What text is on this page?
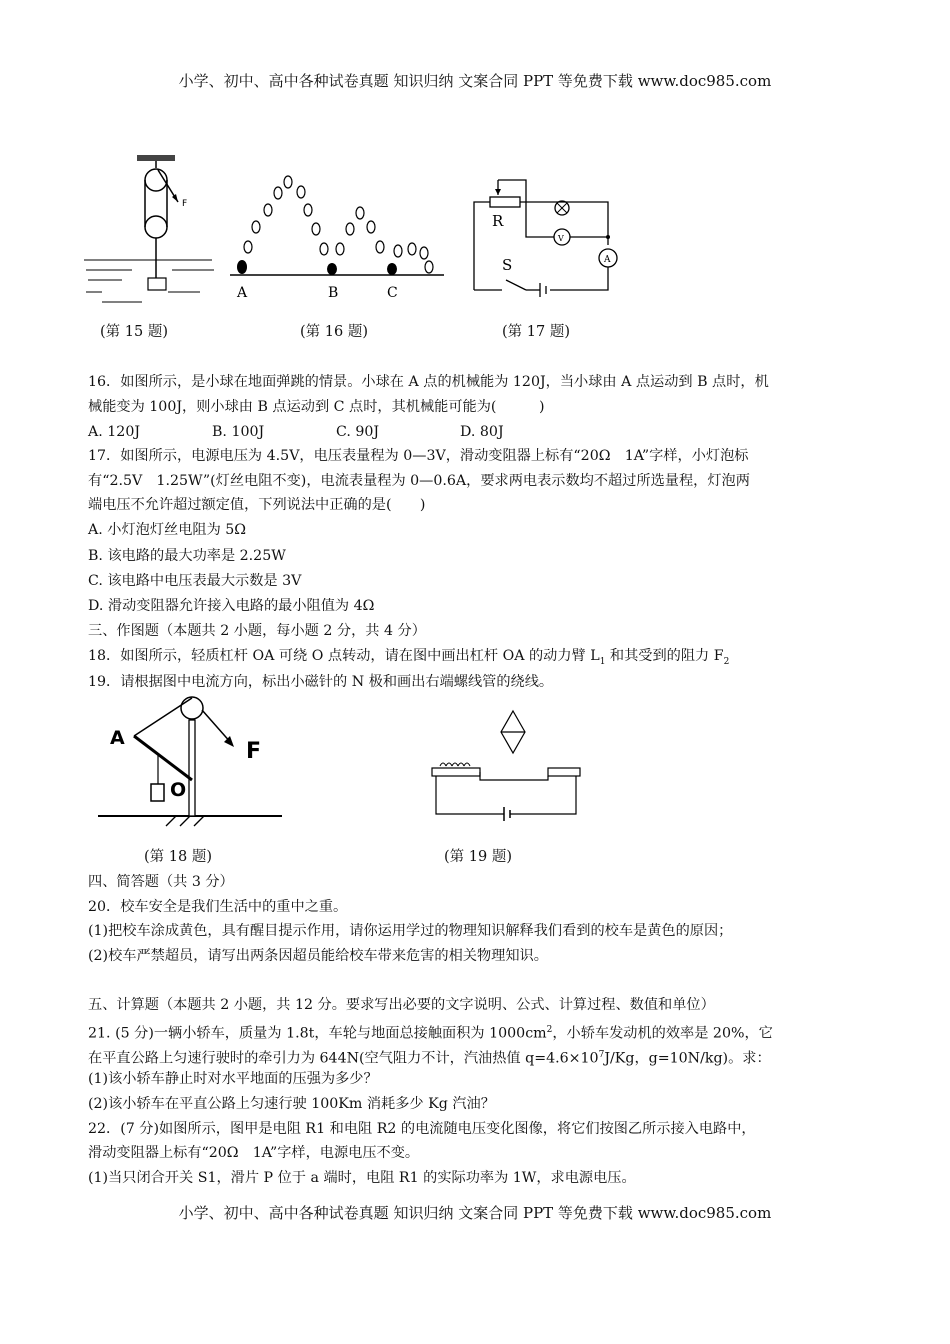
小学、初中、高中各种试卷真题 知识归纳 文案合同 PPT 等免费下载 www.doc985.com
F
(第 15 题)
A	B	C
(第 16 题)
R
S
V
A
(第 17 题)
16．如图所示，是小球在地面弹跳的情景。小球在 A 点的机械能为 120J，当小球由 A 点运动到 B 点时，机
械能变为 100J，则小球由 B 点运动到 C 点时，其机械能可能为(　　　)
A. 120J	B. 100J	C. 90J	D. 80J
17．如图所示，电源电压为 4.5V，电压表量程为 0—3V，滑动变阻器上标有“20Ω　1A”字样，小灯泡标
有“2.5V　1.25W”(灯丝电阻不变)，电流表量程为 0—0.6A，要求两电表示数均不超过所选量程，灯泡两
端电压不允许超过额定值，下列说法中正确的是(　　)
A. 小灯泡灯丝电阻为 5Ω
B. 该电路的最大功率是 2.25W
C. 该电路中电压表最大示数是 3V
D. 滑动变阻器允许接入电路的最小阻值为 4Ω
三、作图题（本题共 2 小题，每小题 2 分，共 4 分）
18．如图所示，轻质杠杆 OA 可绕 O 点转动，请在图中画出杠杆 OA 的动力臂 $L_1$ 和其受到的阻力 $F_2$
19．请根据图中电流方向，标出小磁针的 N 极和画出右端螺线管的绕线。
A
O
F
(第 18 题)	(第 19 题)
四、简答题（共 3 分）
20．校车安全是我们生活中的重中之重。
(1)把校车涂成黄色，具有醒目提示作用，请你运用学过的物理知识解释我们看到的校车是黄色的原因；
(2)校车严禁超员，请写出两条因超员能给校车带来危害的相关物理知识。
五、计算题（本题共 2 小题，共 12 分。要求写出必要的文字说明、公式、计算过程、数值和单位）
21. (5 分)一辆小轿车，质量为 1.8t，车轮与地面总接触面积为 $1000cm^2$，小轿车发动机的效率是 20%，它
在平直公路上匀速行驶时的牵引力为 644N(空气阻力不计，汽油热值 $q=4.6\times 10^7J/Kg$，g=10N/kg)。求：
(1)该小轿车静止时对水平地面的压强为多少？
(2)该小轿车在平直公路上匀速行驶 100Km 消耗多少 Kg 汽油？
22．(7 分)如图所示，图甲是电阻 R1 和电阻 R2 的电流随电压变化图像，将它们按图乙所示接入电路中，
滑动变阻器上标有“20Ω　1A”字样，电源电压不变。
(1)当只闭合开关 S1，滑片 P 位于 a 端时，电阻 R1 的实际功率为 1W，求电源电压。
小学、初中、高中各种试卷真题 知识归纳 文案合同 PPT 等免费下载 www.doc985.com
